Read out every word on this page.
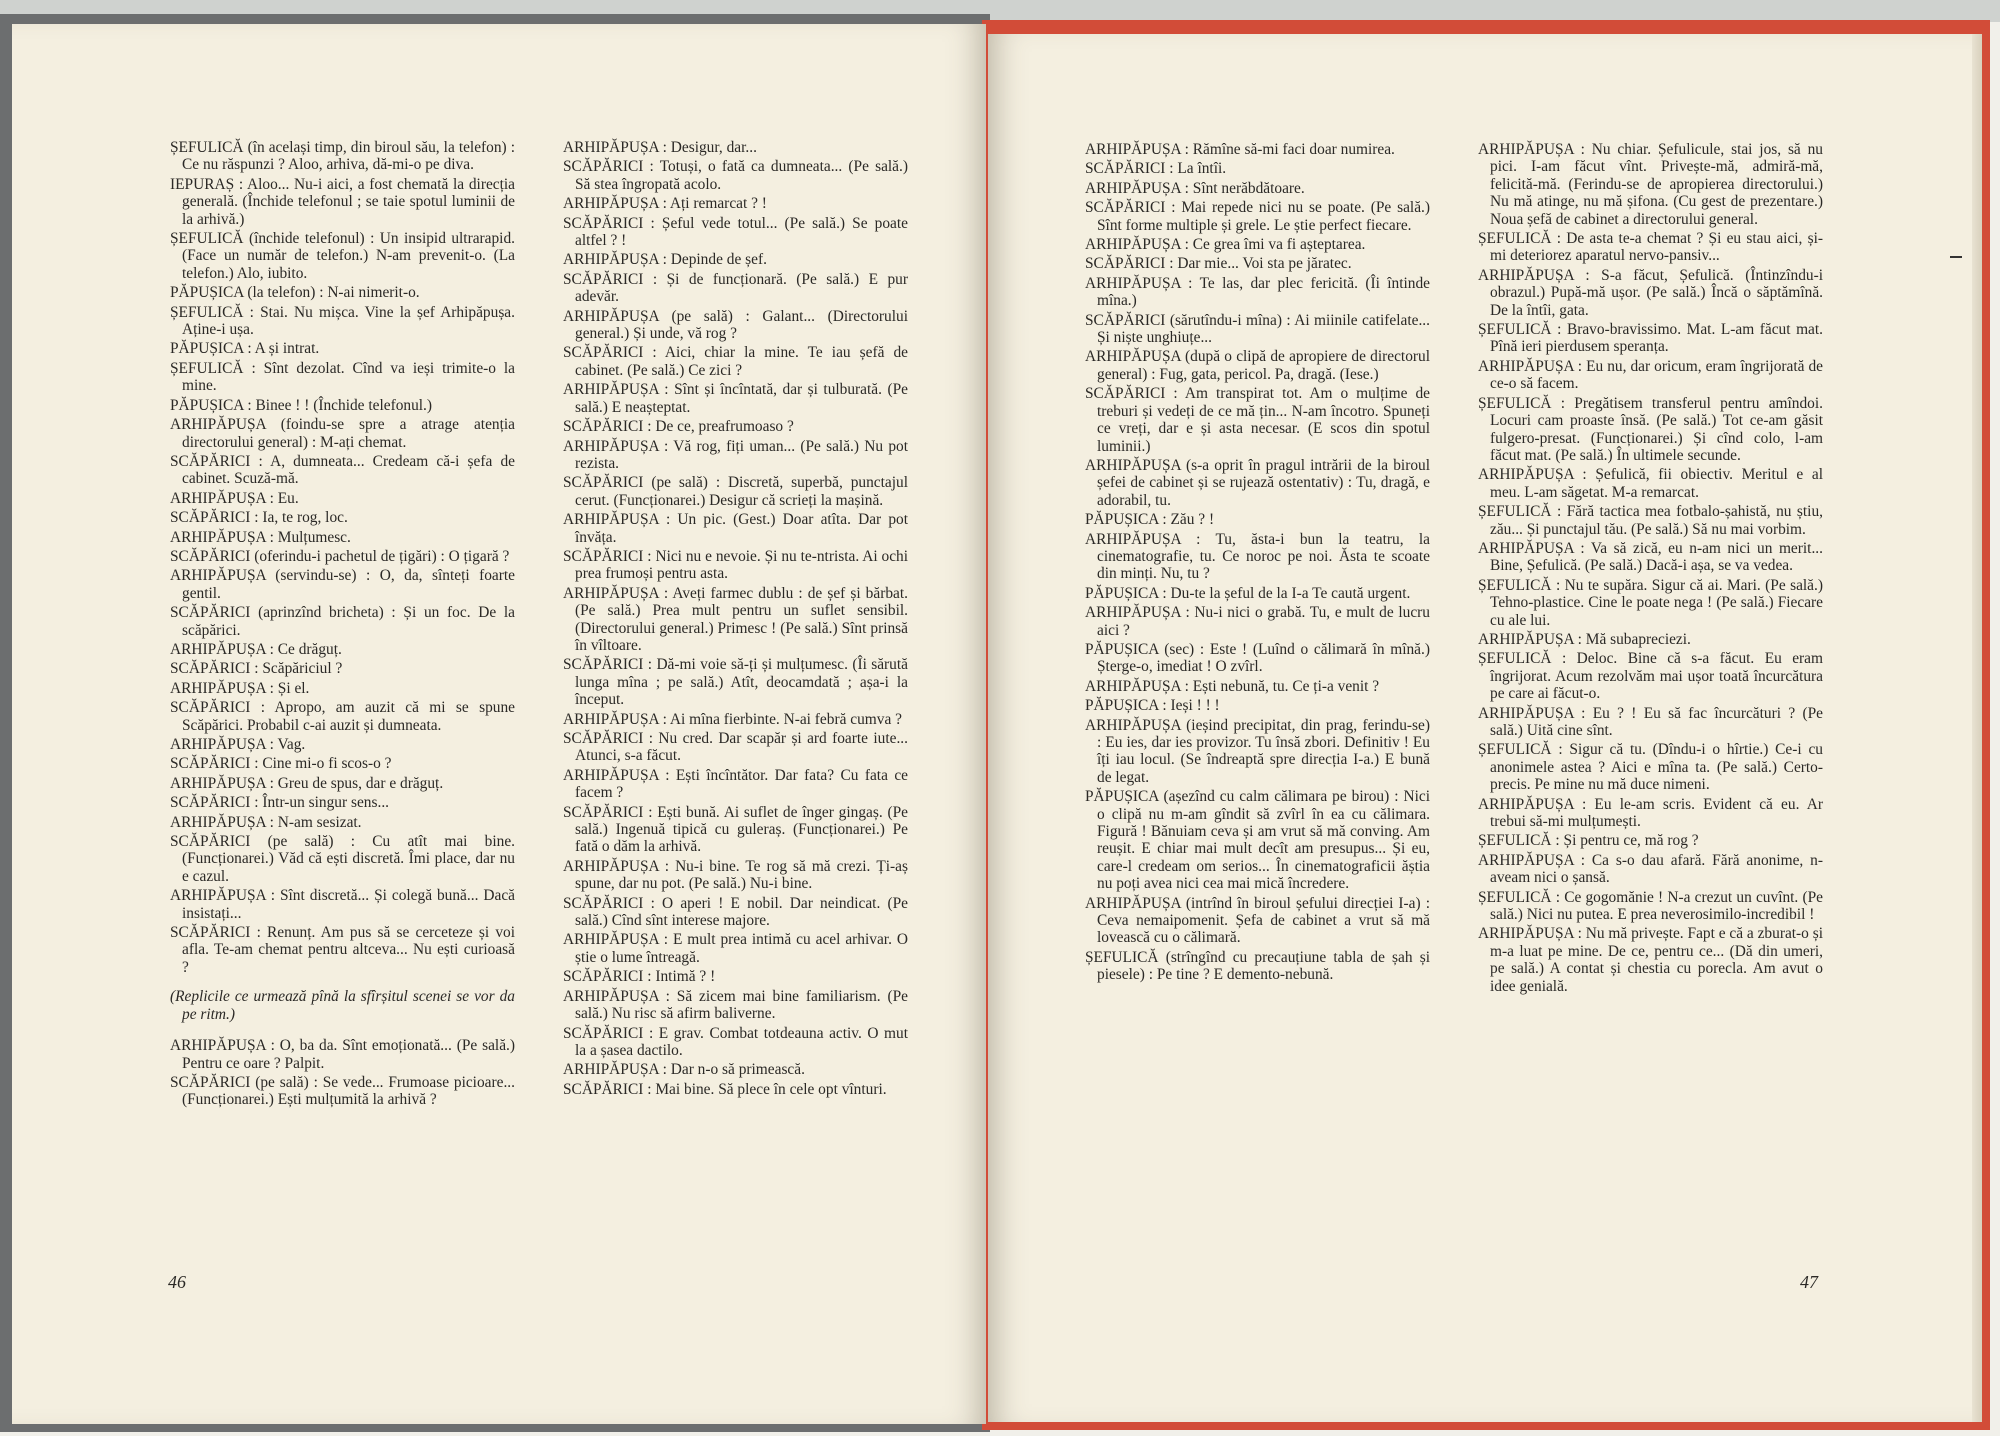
ȘEFULICĂ (în același timp, din biroul său, la telefon) : Ce nu răspunzi ? Aloo, arhiva, dă-mi-o pe diva.

IEPURAȘ : Aloo... Nu-i aici, a fost chemată la direcția generală. (Închide telefonul ; se taie spotul luminii de la arhivă.)

ȘEFULICĂ (închide telefonul) : Un insipid ultrarapid. (Face un număr de telefon.) N-am prevenit-o. (La telefon.) Alo, iubito.

PĂPUȘICA (la telefon) : N-ai nimerit-o.

ȘEFULICĂ : Stai. Nu mișca. Vine la șef Arhipăpușa. Aține-i ușa.

PĂPUȘICA : A și intrat.

ȘEFULICĂ : Sînt dezolat. Cînd va ieși trimite-o la mine.

PĂPUȘICA : Binee ! ! (Închide telefonul.)

ARHIPĂPUȘA (foindu-se spre a atrage atenția directorului general) : M-ați chemat.

SCĂPĂRICI : A, dumneata... Credeam că-i șefa de cabinet. Scuză-mă.

ARHIPĂPUȘA : Eu.

SCĂPĂRICI : Ia, te rog, loc.

ARHIPĂPUȘA : Mulțumesc.

SCĂPĂRICI (oferindu-i pachetul de țigări) : O țigară ?

ARHIPĂPUȘA (servindu-se) : O, da, sînteți foarte gentil.

SCĂPĂRICI (aprinzînd bricheta) : Și un foc. De la scăpărici.

ARHIPĂPUȘA : Ce drăguț.

SCĂPĂRICI : Scăpăriciul ?

ARHIPĂPUȘA : Și el.

SCĂPĂRICI : Apropo, am auzit că mi se spune Scăpărici. Probabil c-ai auzit și dumneata.

ARHIPĂPUȘA : Vag.

SCĂPĂRICI : Cine mi-o fi scos-o ?

ARHIPĂPUȘA : Greu de spus, dar e drăguț.

SCĂPĂRICI : Într-un singur sens...

ARHIPĂPUȘA : N-am sesizat.

SCĂPĂRICI (pe sală) : Cu atît mai bine. (Funcționarei.) Văd că ești discretă. Îmi place, dar nu e cazul.

ARHIPĂPUȘA : Sînt discretă... Și colegă bună... Dacă insistați...

SCĂPĂRICI : Renunț. Am pus să se cerceteze și voi afla. Te-am chemat pentru altceva... Nu ești curioasă ?

(Replicile ce urmează pînă la sfîrșitul scenei se vor da pe ritm.)

ARHIPĂPUȘA : O, ba da. Sînt emoționată... (Pe sală.) Pentru ce oare ? Palpit.

SCĂPĂRICI (pe sală) : Se vede... Frumoase picioare... (Funcționarei.) Ești mulțumită la arhivă ?

ARHIPĂPUȘA : Desigur, dar...

SCĂPĂRICI : Totuși, o fată ca dumneata... (Pe sală.) Să stea îngropată acolo.

ARHIPĂPUȘA : Ați remarcat ? !

SCĂPĂRICI : Șeful vede totul... (Pe sală.) Se poate altfel ? !

ARHIPĂPUȘA : Depinde de șef.

SCĂPĂRICI : Și de funcționară. (Pe sală.) E pur adevăr.

ARHIPĂPUȘA (pe sală) : Galant... (Directorului general.) Și unde, vă rog ?

SCĂPĂRICI : Aici, chiar la mine. Te iau șefă de cabinet. (Pe sală.) Ce zici ?

ARHIPĂPUȘA : Sînt și încîntată, dar și tulburată. (Pe sală.) E neașteptat.

SCĂPĂRICI : De ce, preafrumoaso ?

ARHIPĂPUȘA : Vă rog, fiți uman... (Pe sală.) Nu pot rezista.

SCĂPĂRICI (pe sală) : Discretă, superbă, punctajul cerut. (Funcționarei.) Desigur că scrieți la mașină.

ARHIPĂPUȘA : Un pic. (Gest.) Doar atîta. Dar pot învăța.

SCĂPĂRICI : Nici nu e nevoie. Și nu te-ntrista. Ai ochi prea frumoși pentru asta.

ARHIPĂPUȘA : Aveți farmec dublu : de șef și bărbat. (Pe sală.) Prea mult pentru un suflet sensibil. (Directorului general.) Primesc ! (Pe sală.) Sînt prinsă în vîltoare.

SCĂPĂRICI : Dă-mi voie să-ți și mulțumesc. (Îi sărută lunga mîna ; pe sală.) Atît, deocamdată ; așa-i la început.

ARHIPĂPUȘA : Ai mîna fierbinte. N-ai febră cumva ?

SCĂPĂRICI : Nu cred. Dar scapăr și ard foarte iute... Atunci, s-a făcut.

ARHIPĂPUȘA : Ești încîntător. Dar fata? Cu fata ce facem ?

SCĂPĂRICI : Ești bună. Ai suflet de înger gingaș. (Pe sală.) Ingenuă tipică cu guleraș. (Funcționarei.) Pe fată o dăm la arhivă.

ARHIPĂPUȘA : Nu-i bine. Te rog să mă crezi. Ți-aș spune, dar nu pot. (Pe sală.) Nu-i bine.

SCĂPĂRICI : O aperi ! E nobil. Dar neindicat. (Pe sală.) Cînd sînt interese majore.

ARHIPĂPUȘA : E mult prea intimă cu acel arhivar. O știe o lume întreagă.

SCĂPĂRICI : Intimă ? !

ARHIPĂPUȘA : Să zicem mai bine familiarism. (Pe sală.) Nu risc să afirm baliverne.

SCĂPĂRICI : E grav. Combat totdeauna activ. O mut la a șasea dactilo.

ARHIPĂPUȘA : Dar n-o să primească.

SCĂPĂRICI : Mai bine. Să plece în cele opt vînturi.

ARHIPĂPUȘA : Rămîne să-mi faci doar numirea.

SCĂPĂRICI : La întîi.

ARHIPĂPUȘA : Sînt nerăbdătoare.

SCĂPĂRICI : Mai repede nici nu se poate. (Pe sală.) Sînt forme multiple și grele. Le știe perfect fiecare.

ARHIPĂPUȘA : Ce grea îmi va fi așteptarea.

SCĂPĂRICI : Dar mie... Voi sta pe jăratec.

ARHIPĂPUȘA : Te las, dar plec fericită. (Îi întinde mîna.)

SCĂPĂRICI (sărutîndu-i mîna) : Ai miinile catifelate... Și niște unghiuțe...

ARHIPĂPUȘA (după o clipă de apropiere de directorul general) : Fug, gata, pericol. Pa, dragă. (Iese.)

SCĂPĂRICI : Am transpirat tot. Am o mulțime de treburi și vedeți de ce mă țin... N-am încotro. Spuneți ce vreți, dar e și asta necesar. (E scos din spotul luminii.)

ARHIPĂPUȘA (s-a oprit în pragul intrării de la biroul șefei de cabinet și se rujează ostentativ) : Tu, dragă, e adorabil, tu.

PĂPUȘICA : Zău ? !

ARHIPĂPUȘA : Tu, ăsta-i bun la teatru, la cinematografie, tu. Ce noroc pe noi. Ăsta te scoate din minți. Nu, tu ?

PĂPUȘICA : Du-te la șeful de la I-a Te caută urgent.

ARHIPĂPUȘA : Nu-i nici o grabă. Tu, e mult de lucru aici ?

PĂPUȘICA (sec) : Este ! (Luînd o călimară în mînă.) Șterge-o, imediat ! O zvîrl.

ARHIPĂPUȘA : Ești nebună, tu. Ce ți-a venit ?

PĂPUȘICA : Ieși ! ! !

ARHIPĂPUȘA (ieșind precipitat, din prag, ferindu-se) : Eu ies, dar ies provizor. Tu însă zbori. Definitiv ! Eu îți iau locul. (Se îndreaptă spre direcția I-a.) E bună de legat.

PĂPUȘICA (așezînd cu calm călimara pe birou) : Nici o clipă nu m-am gîndit să zvîrl în ea cu călimara. Figură ! Bănuiam ceva și am vrut să mă conving. Am reușit. E chiar mai mult decît am presupus... Și eu, care-l credeam om serios... În cinematograficii ăștia nu poți avea nici cea mai mică încredere.

ARHIPĂPUȘA (intrînd în biroul șefului direcției I-a) : Ceva nemaipomenit. Șefa de cabinet a vrut să mă lovească cu o călimară.

ȘEFULICĂ (strîngînd cu precauțiune tabla de șah și piesele) : Pe tine ? E demento-nebună.

ARHIPĂPUȘA : Nu chiar. Șefulicule, stai jos, să nu pici. I-am făcut vînt. Privește-mă, admiră-mă, felicită-mă. (Ferindu-se de apropierea directorului.) Nu mă atinge, nu mă șifona. (Cu gest de prezentare.) Noua șefă de cabinet a directorului general.

ȘEFULICĂ : De asta te-a chemat ? Și eu stau aici, și-mi deteriorez aparatul nervo-pansiv...

ARHIPĂPUȘA : S-a făcut, Șefulică. (Întinzîndu-i obrazul.) Pupă-mă ușor. (Pe sală.) Încă o săptămînă. De la întîi, gata.

ȘEFULICĂ : Bravo-bravissimo. Mat. L-am făcut mat. Pînă ieri pierdusem speranța.

ARHIPĂPUȘA : Eu nu, dar oricum, eram îngrijorată de ce-o să facem.

ȘEFULICĂ : Pregătisem transferul pentru amîndoi. Locuri cam proaste însă. (Pe sală.) Tot ce-am găsit fulgero-presat. (Funcționarei.) Și cînd colo, l-am făcut mat. (Pe sală.) În ultimele secunde.

ARHIPĂPUȘA : Șefulică, fii obiectiv. Meritul e al meu. L-am săgetat. M-a remarcat.

ȘEFULICĂ : Fără tactica mea fotbalo-șahistă, nu știu, zău... Și punctajul tău. (Pe sală.) Să nu mai vorbim.

ARHIPĂPUȘA : Va să zică, eu n-am nici un merit... Bine, Șefulică. (Pe sală.) Dacă-i așa, se va vedea.

ȘEFULICĂ : Nu te supăra. Sigur că ai. Mari. (Pe sală.) Tehno-plastice. Cine le poate nega ! (Pe sală.) Fiecare cu ale lui.

ARHIPĂPUȘA : Mă subapreciezi.

ȘEFULICĂ : Deloc. Bine că s-a făcut. Eu eram îngrijorat. Acum rezolvăm mai ușor toată încurcătura pe care ai făcut-o.

ARHIPĂPUȘA : Eu ? ! Eu să fac încurcături ? (Pe sală.) Uită cine sînt.

ȘEFULICĂ : Sigur că tu. (Dîndu-i o hîrtie.) Ce-i cu anonimele astea ? Aici e mîna ta. (Pe sală.) Certo-precis. Pe mine nu mă duce nimeni.

ARHIPĂPUȘA : Eu le-am scris. Evident că eu. Ar trebui să-mi mulțumești.

ȘEFULICĂ : Și pentru ce, mă rog ?

ARHIPĂPUȘA : Ca s-o dau afară. Fără anonime, n-aveam nici o șansă.

ȘEFULICĂ : Ce gogomănie ! N-a crezut un cuvînt. (Pe sală.) Nici nu putea. E prea neverosimilo-incredibil !

ARHIPĂPUȘA : Nu mă privește. Fapt e că a zburat-o și m-a luat pe mine. De ce, pentru ce... (Dă din umeri, pe sală.) A contat și chestia cu porecla. Am avut o idee genială.

46	47
